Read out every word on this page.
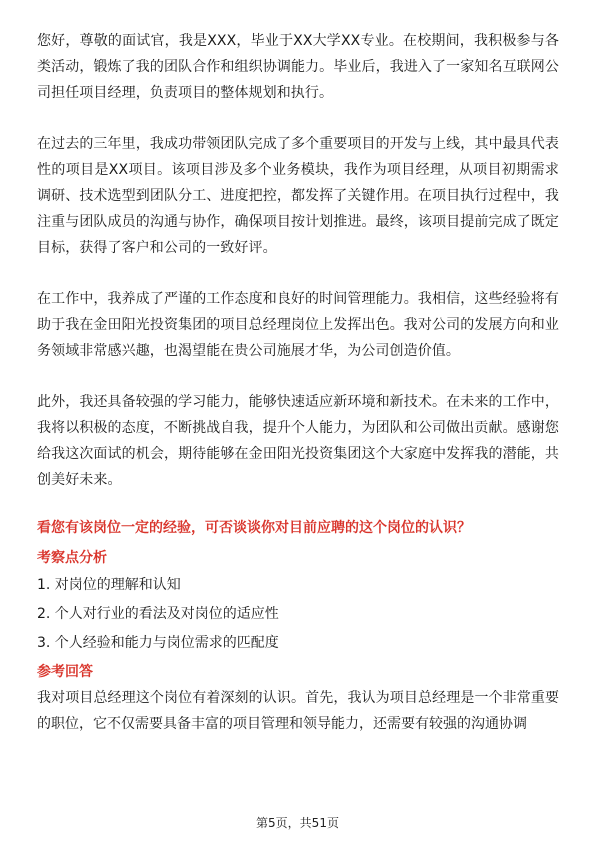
您好，尊敬的面试官，我是XXX，毕业于XX大学XX专业。在校期间，我积极参与各类活动，锻炼了我的团队合作和组织协调能力。毕业后，我进入了一家知名互联网公司担任项目经理，负责项目的整体规划和执行。

在过去的三年里，我成功带领团队完成了多个重要项目的开发与上线，其中最具代表性的项目是XX项目。该项目涉及多个业务模块，我作为项目经理，从项目初期需求调研、技术选型到团队分工、进度把控，都发挥了关键作用。在项目执行过程中，我注重与团队成员的沟通与协作，确保项目按计划推进。最终，该项目提前完成了既定目标，获得了客户和公司的一致好评。

在工作中，我养成了严谨的工作态度和良好的时间管理能力。我相信，这些经验将有助于我在金田阳光投资集团的项目总经理岗位上发挥出色。我对公司的发展方向和业务领域非常感兴趣，也渴望能在贵公司施展才华，为公司创造价值。

此外，我还具备较强的学习能力，能够快速适应新环境和新技术。在未来的工作中，我将以积极的态度，不断挑战自我，提升个人能力，为团队和公司做出贡献。感谢您给我这次面试的机会，期待能够在金田阳光投资集团这个大家庭中发挥我的潜能，共创美好未来。

看您有该岗位一定的经验，可否谈谈你对目前应聘的这个岗位的认识？
考察点分析
1. 对岗位的理解和认知
2. 个人对行业的看法及对岗位的适应性
3. 个人经验和能力与岗位需求的匹配度
参考回答

我对项目总经理这个岗位有着深刻的认识。首先，我认为项目总经理是一个非常重要的职位，它不仅需要具备丰富的项目管理和领导能力，还需要有较强的沟通协调

第5页，共51页
